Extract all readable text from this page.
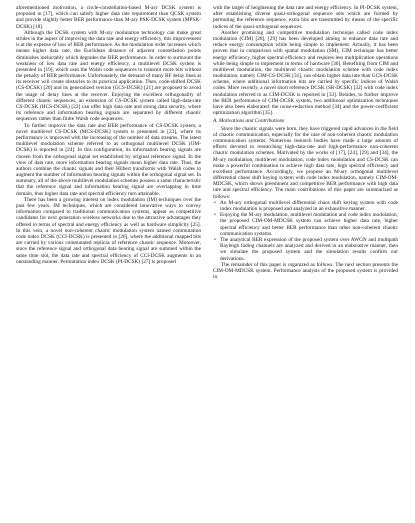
aforementioned motivation, a circle-constellation-based M-ary DCSK system is proposed in [17], which can satisfy higher data rate requirement than QCSK system and provide slightly better BER performance than M-ary PSK-DCSK system (MPSK-DCSK) [18].

Although the DCSK system with M-ary modulation technology can make great strides in the aspect of improving the data rate and energy efficiency, this improvement is at the expense of loss of BER performance. As the modulation order increases which means higher data rate, the Euclidean distance of adjacent constellation points diminishes ineluctably which degrades the BER performance. In order to surmount the weakness of low data rate and energy efficiency, a multilevel DCSK system is presented in [19], which uses the Walsh code sequences to transmit more bits without the penalty of BER performance. Unfortunately, the demand of many RF delay lines at its receiver will create obstacles to its practical application. Then, code-shifted DCSK (CS-DCSK) [20] and its generalized version (GCS-DCSK) [21] are proposed to avoid the usage of delay lines at the receiver. Enjoying the excellent orthogonality of different chaotic sequences, an extension of CS-DCSK system called high-data-rate CS-DCSK (HCS-DCSK) [22] can offer high data rate and strong data security, where its reference and information bearing signals are separated by different chaotic sequences rather than finite Walsh code sequences.

To further improve the data rate and BER performance of CS-DCSK system, a novel multilevel CS-DCSK (MCS-DCSK) system is presented in [23], where its performance is improved with the increasing of the number of data streams. The latest multilevel modulation scheme referred to as orthogonal multilevel DCSK (OM-DCSK) is reported in [24]. In this configuration, its information bearing signals are chosen from the orthogonal signal set established by original reference signal. In the view of data rate, more information bearing signals mean higher data rate. Thus, the authors combine the chaotic signals and their Hilbert transforms with Walsh codes to augment the number of information bearing signals within the orthogonal signal set. In summary, all of the above multilevel modulation schemes possess a same characteristic that the reference signal and information bearing signal are overlapping in time domain, thus higher data rate and spectral efficiency turn attainable.

There has been a growing interest on index modulation (IM) techniques over the past few years. IM techniques, which are considered innovative ways to convey information compared to traditional communication systems, appear as competitive candidates for next generation wireless networks due to the attractive advantages they offered in terms of spectral and energy efficiency as well as hardware simplicity [25]. In this vein, a novel non-coherent chaotic modulation system named commutation code index DCSK (CCI-DCSK) is presented in [26], where the additional mapped bits are carried by various commutated replicas of reference chaotic sequence. Moreover, since the reference signal and orthogonal data bearing signal are summed within the same time slot, the data rate and spectral efficiency of CCI-DCSK augments in an outstanding manner. Permutation index DCSK (PI-DCSK) [27] is proposed

with the target of heightening the data rate and energy efficiency. In PI-DCSK system, after establishing diverse quasi-orthogonal sequence sets which are formed by permuting the reference sequence, extra bits are transmitted by means of the specific indices of the quasi-orthogonal sequences.

Another promising and competitive modulation technique called code index modulation (CIM) [28], [29] has been developed aiming to enhance data rate and reduce energy consumption while being simple to implement. Actually, it has been proven that in comparison with spatial modulation (SM), CIM technique has better energy efficiency, higher spectral efficiency and requires less multiplication operations while being simple to implement in terms of hardware [30]. Benefiting from CIM and multilevel modulation, the multilevel chaotic modulation scheme with code index modulation, namely CIM-CS-DCSK [31], can obtain higher data rate than GCS-DCSK scheme, where additional information bits are carried by specific indices of Walsh codes. More recently, a novel short reference DCSK (SR-DCSK) [32] with code index modulation referred to as CIM-DCSK is reported in [33]. Besides, to further improve the BER performance of CIM-DCSK system, two additional optimization techniques have also been elaborated: the noise-reduction method [34] and the power-coefficient optimization algorithm [35].

A. Motivations and Contributions

Since the chaotic signals were born, they have triggered rapid advances in the field of chaotic communication, especially for the case of non-coherent chaotic modulation communication systems. Numerous research bodies have made a large amount of efforts devoted to researching high-data-rate and high-performance non-coherent chaotic modulation schemes. Motivated by the works of [17], [24], [29] and [34], the M-ary modulation, multilevel modulation, code index modulation and CS-DCSK can make a powerful combination to achieve high data rate, high spectral efficiency and excellent performance. Accordingly, we propose an M-ary orthogonal multilevel differential chaos shift keying system with code index modulation, namely CIM-OM-MDCSK, which shows preeminent and competitive BER performance with high data rate and spectral efficiency. The main contributions of this paper are summarized as follows:

• An M-ary orthogonal multilevel differential chaos shift keying system with code index modulation is proposed and analyzed in an exhaustive manner.
• Enjoying the M-ary modulation, multilevel modulation and code index modulation, the proposed CIM-OM-MDCSK system can achieve higher data rate, higher spectral efficiency and better BER performance than other non-coherent chaotic communication systems.
• The analytical BER expression of the proposed system over AWGN and multipath Rayleigh fading channels are analyzed and derived in an elaborative manner, then we simulate the proposed system and the simulation results confirm our derivations.

The remainder of this paper is organized as follows. The next section presents the CIM-OM-MDCSK system. Performance analysis of the proposed system is provided in
